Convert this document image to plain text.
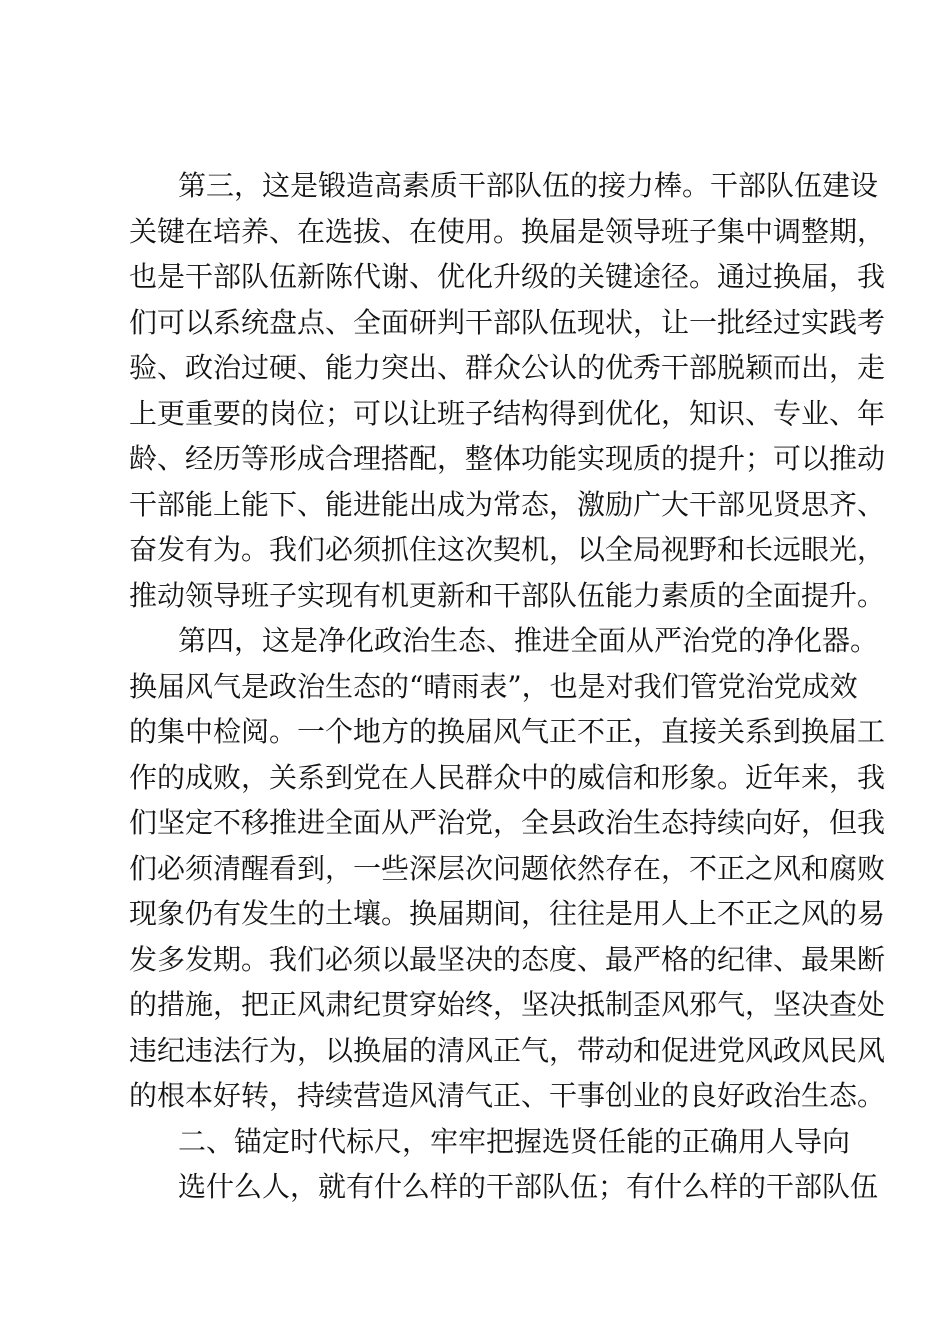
第三，这是锻造高素质干部队伍的接力棒。干部队伍建设
关键在培养、在选拔、在使用。换届是领导班子集中调整期，
也是干部队伍新陈代谢、优化升级的关键途径。通过换届，我
们可以系统盘点、全面研判干部队伍现状，让一批经过实践考
验、政治过硬、能力突出、群众公认的优秀干部脱颖而出，走
上更重要的岗位；可以让班子结构得到优化，知识、专业、年
龄、经历等形成合理搭配，整体功能实现质的提升；可以推动
干部能上能下、能进能出成为常态，激励广大干部见贤思齐、
奋发有为。我们必须抓住这次契机，以全局视野和长远眼光，
推动领导班子实现有机更新和干部队伍能力素质的全面提升。
第四，这是净化政治生态、推进全面从严治党的净化器。
换届风气是政治生态的“晴雨表”，也是对我们管党治党成效
的集中检阅。一个地方的换届风气正不正，直接关系到换届工
作的成败，关系到党在人民群众中的威信和形象。近年来，我
们坚定不移推进全面从严治党，全县政治生态持续向好，但我
们必须清醒看到，一些深层次问题依然存在，不正之风和腐败
现象仍有发生的土壤。换届期间，往往是用人上不正之风的易
发多发期。我们必须以最坚决的态度、最严格的纪律、最果断
的措施，把正风肃纪贯穿始终，坚决抵制歪风邪气，坚决查处
违纪违法行为，以换届的清风正气，带动和促进党风政风民风
的根本好转，持续营造风清气正、干事创业的良好政治生态。
二、锚定时代标尺，牢牢把握选贤任能的正确用人导向
选什么人，就有什么样的干部队伍；有什么样的干部队伍
